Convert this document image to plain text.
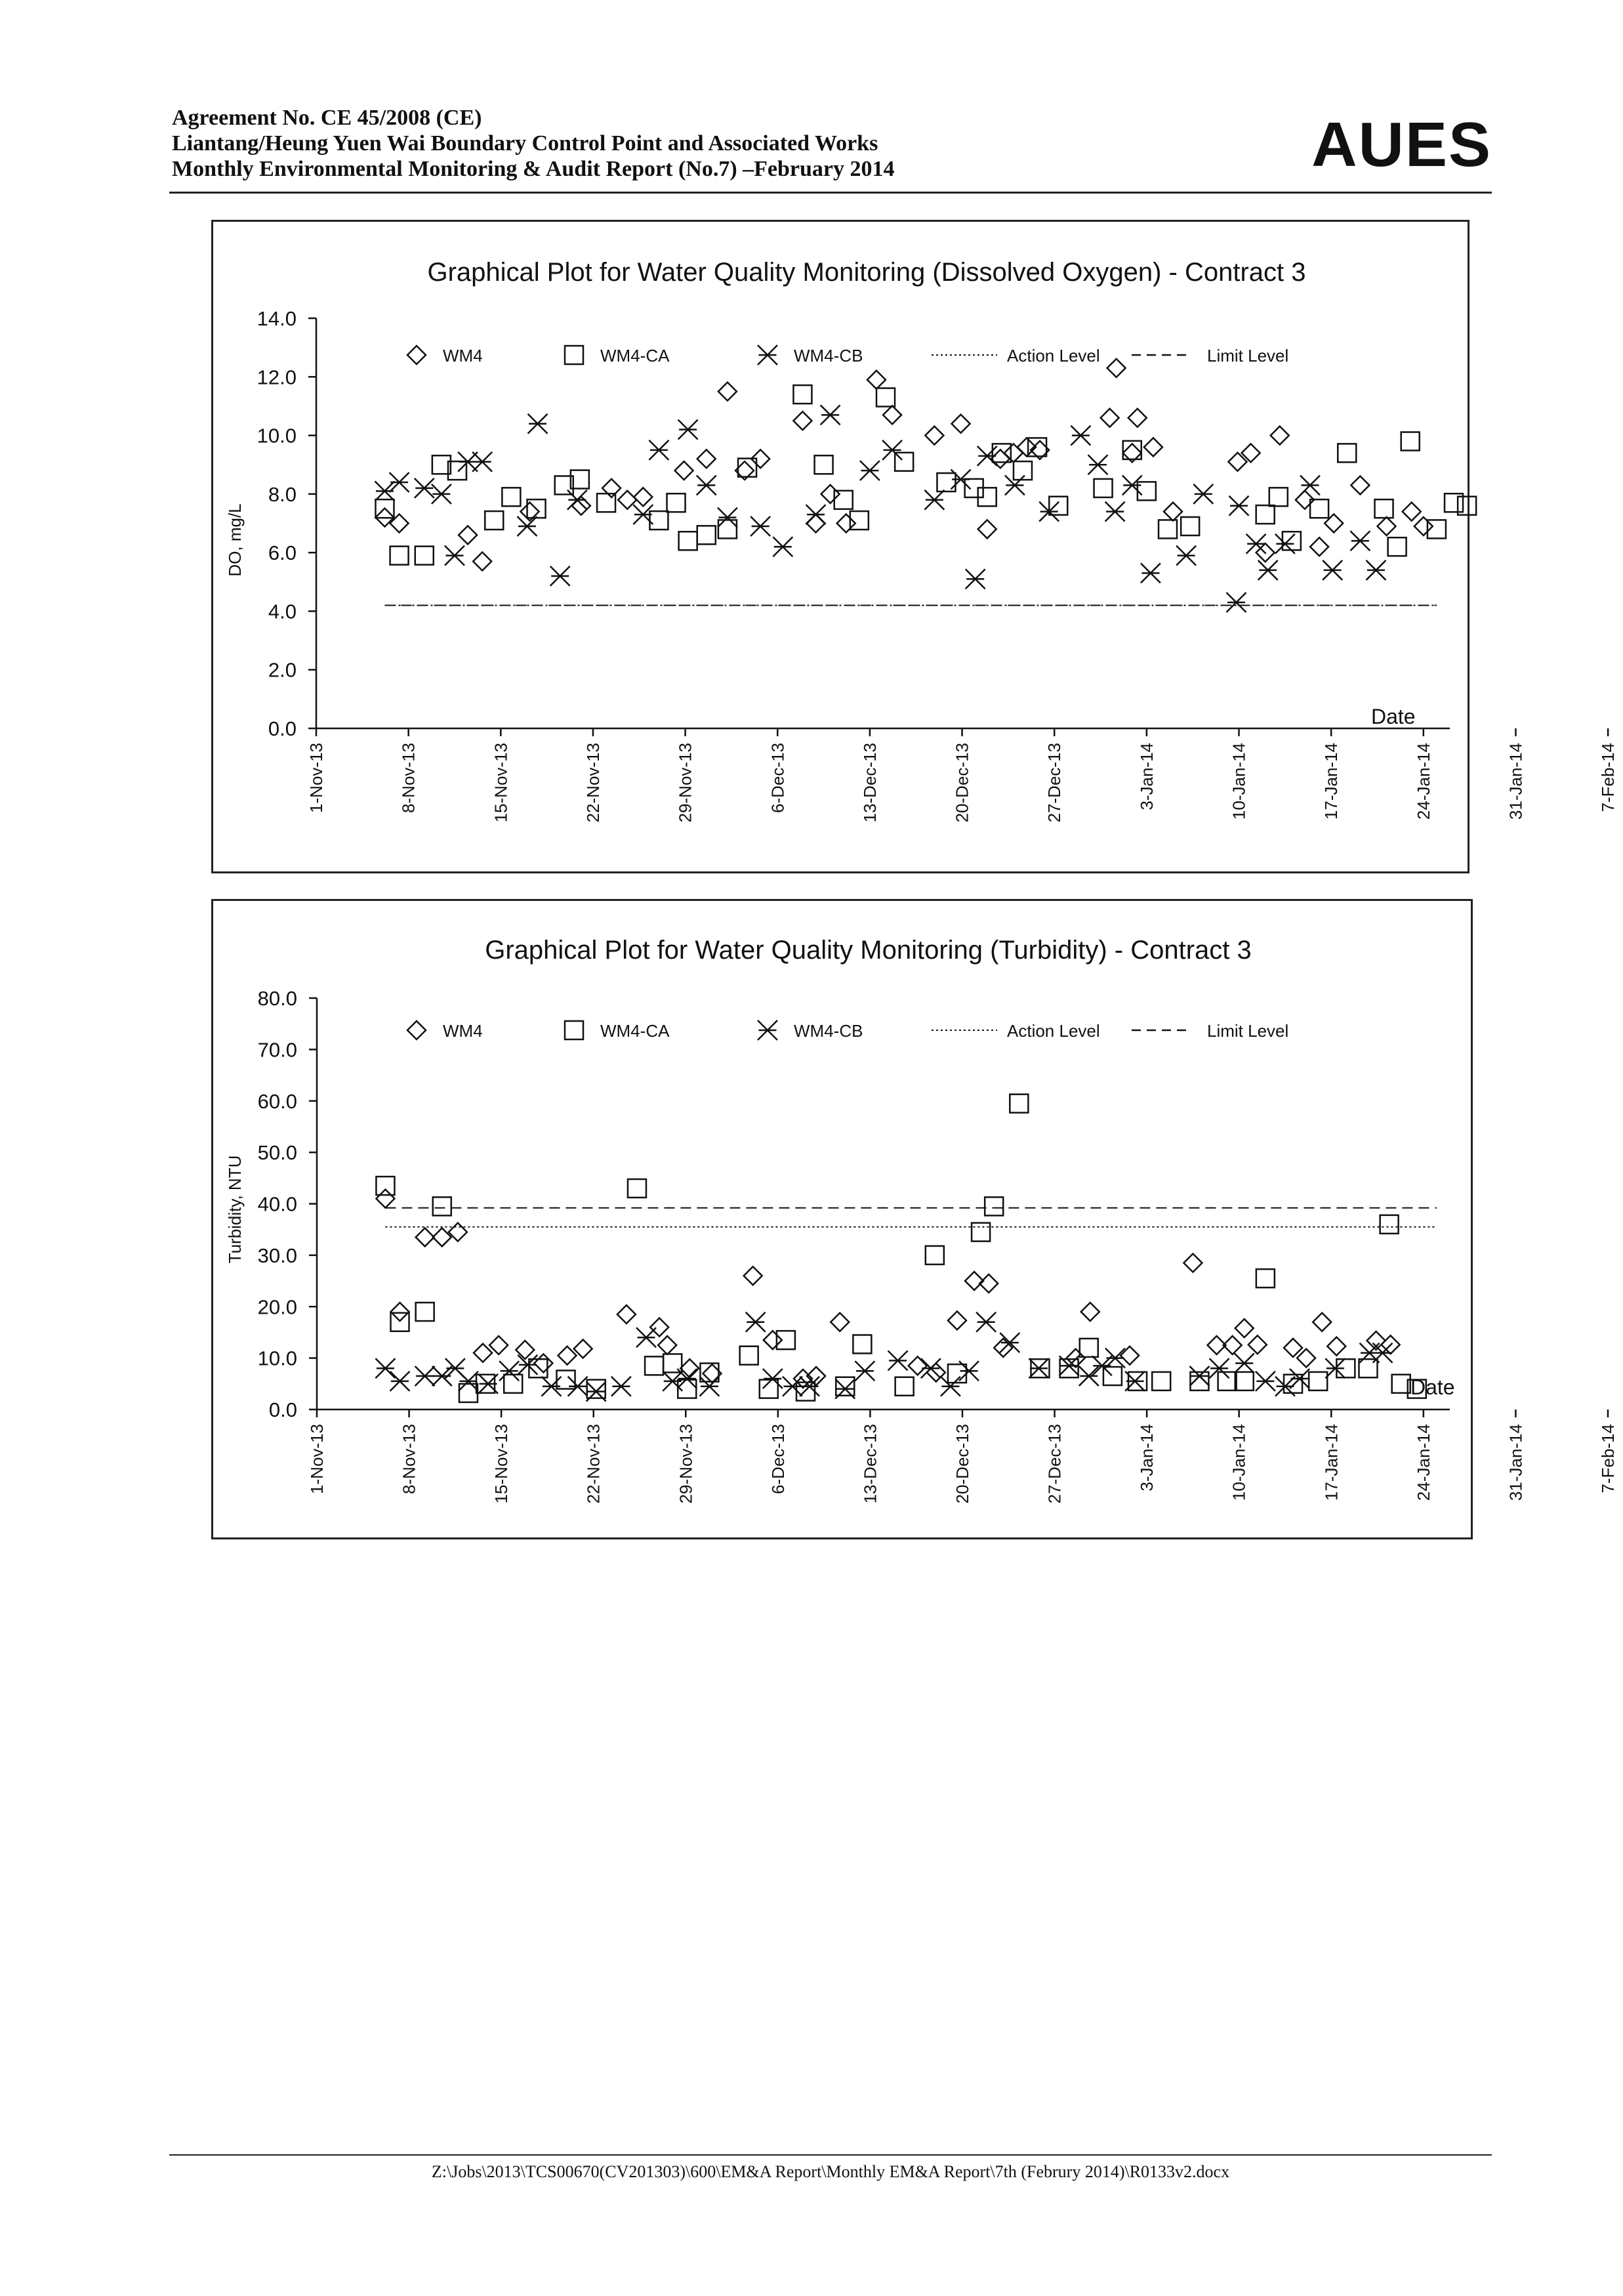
Agreement No. CE 45/2008 (CE)
Liantang/Heung Yuen Wai Boundary Control Point and Associated Works
Monthly Environmental Monitoring & Audit Report (No.7) –February 2014	AUES
Graphical Plot for Water Quality Monitoring (Dissolved Oxygen) - Contract 3
0.0
2.0
4.0
6.0
8.0
10.0
12.0
14.0
DO, mg/L
1-Nov-13	8-Nov-13	15-Nov-13	22-Nov-13	29-Nov-13	6-Dec-13	13-Dec-13	20-Dec-13	27-Dec-13	3-Jan-14	10-Jan-14	17-Jan-14	24-Jan-14	31-Jan-14	7-Feb-14
Date
WM4	WM4-CA	WM4-CB	Action Level	Limit Level
Graphical Plot for Water Quality Monitoring (Turbidity) - Contract 3
0.0
10.0
20.0
30.0
40.0
50.0
60.0
70.0
80.0
Turbidity, NTU
1-Nov-13	8-Nov-13	15-Nov-13	22-Nov-13	29-Nov-13	6-Dec-13	13-Dec-13	20-Dec-13	27-Dec-13	3-Jan-14	10-Jan-14	17-Jan-14	24-Jan-14	31-Jan-14	7-Feb-14
Date
WM4	WM4-CA	WM4-CB	Action Level	Limit Level
Z:\Jobs\2013\TCS00670(CV201303)\600\EM&A Report\Monthly EM&A Report\7th (Februry 2014)\R0133v2.docx
